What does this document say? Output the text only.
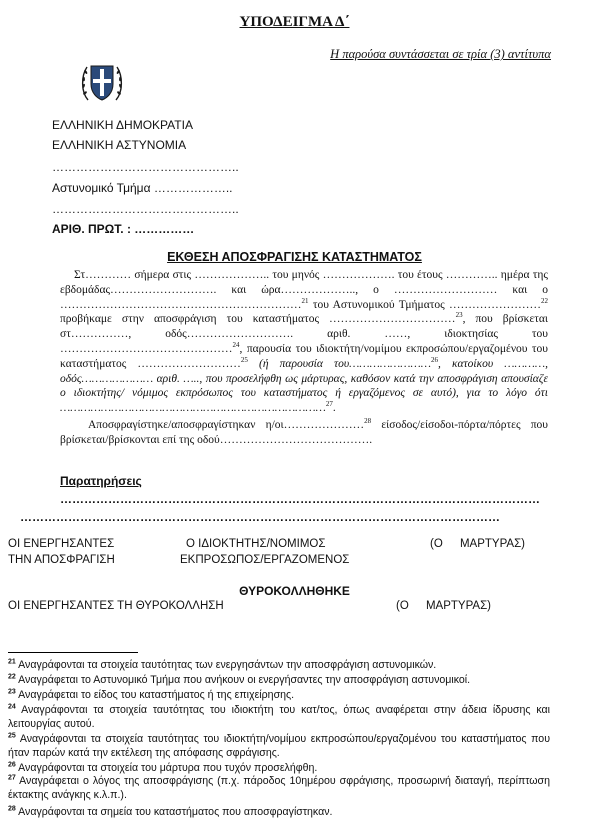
ΥΠΟΔΕΙΓΜΑ Δ΄
Η παρούσα συντάσσεται σε τρία (3) αντίτυπα
ΕΛΛΗΝΙΚΗ ΔΗΜΟΚΡΑΤΙΑ
ΕΛΛΗΝΙΚΗ ΑΣΤΥΝΟΜΙΑ
………………………………………..
Αστυνομικό Τμήμα ………………..
………………………………………..
ΑΡΙΘ. ΠΡΩΤ. : ……………
ΕΚΘΕΣΗ ΑΠΟΣΦΡΑΓΙΣΗΣ ΚΑΤΑΣΤΗΜΑΤΟΣ

Στ………… σήμερα στις ……………….. του μηνός ………………. του έτους ………….. ημέρα της εβδομάδας………………………. και ώρα……………….., ο ……………………… και ο ………………………………………………………$^{21}$ του Αστυνομικού Τμήματος ……………………$^{22}$ προβήκαμε στην αποσφράγιση του καταστήματος ……………………………$^{23}$, που βρίσκεται στ……………, οδός………………………. αριθ. ……, ιδιοκτησίας του ………………………………………$^{24}$, παρουσία του ιδιοκτήτη/νομίμου εκπροσώπου/εργαζομένου του καταστήματος ………………………$^{25}$ (ή παρουσία του……………………$^{26}$, κατοίκου …………, οδός………………… αριθ. ….., που προσελήφθη ως μάρτυρας, καθόσον κατά την αποσφράγιση απουσίαζε ο ιδιοκτήτης/ νόμιμος εκπρόσωπος του καταστήματος ή εργαζόμενος σε αυτό), για το λόγο ότι ……………………………………………………………………$^{27}$.

Αποσφραγίστηκε/αποσφραγίστηκαν η/οι…………………$^{28}$ είσοδος/είσοδοι-πόρτα/πόρτες που βρίσκεται/βρίσκονται επί της οδού………………………………….

Παρατηρήσεις
…………………………………………………………………………………………………………
…………………………………………………………………………………………………………
ΟΙ ΕΝΕΡΓΗΣΑΝΤΕΣ
ΤΗΝ ΑΠΟΣΦΡΑΓΙΣΗ
Ο ΙΔΙΟΚΤΗΤΗΣ/ΝΟΜΙΜΟΣ
ΕΚΠΡΟΣΩΠΟΣ/ΕΡΓΑΖΟΜΕΝΟΣ
(Ο ΜΑΡΤΥΡΑΣ)
ΘΥΡΟΚΟΛΛΗΘΗΚΕ
ΟΙ ΕΝΕΡΓΗΣΑΝΤΕΣ ΤΗ ΘΥΡΟΚΟΛΛΗΣΗ	(Ο ΜΑΡΤΥΡΑΣ)
$^{21}$ Αναγράφονται τα στοιχεία ταυτότητας των ενεργησάντων την αποσφράγιση αστυνομικών.
$^{22}$ Αναγράφεται το Αστυνομικό Τμήμα που ανήκουν οι ενεργήσαντες την αποσφράγιση αστυνομικοί.
$^{23}$ Αναγράφεται το είδος του καταστήματος ή της επιχείρησης.
$^{24}$ Αναγράφονται τα στοιχεία ταυτότητας του ιδιοκτήτη του κατ/τος, όπως αναφέρεται στην άδεια ίδρυσης και λειτουργίας αυτού.
$^{25}$ Αναγράφονται τα στοιχεία ταυτότητας του ιδιοκτήτη/νομίμου εκπροσώπου/εργαζομένου του καταστήματος που ήταν παρών κατά την εκτέλεση της απόφασης σφράγισης.
$^{26}$ Αναγράφονται τα στοιχεία του μάρτυρα που τυχόν προσελήφθη.
$^{27}$ Αναγράφεται ο λόγος της αποσφράγισης (π.χ. πάροδος 10ημέρου σφράγισης, προσωρινή διαταγή, περίπτωση έκτακτης ανάγκης κ.λ.π.).
$^{28}$ Αναγράφονται τα σημεία του καταστήματος που αποσφραγίστηκαν.
